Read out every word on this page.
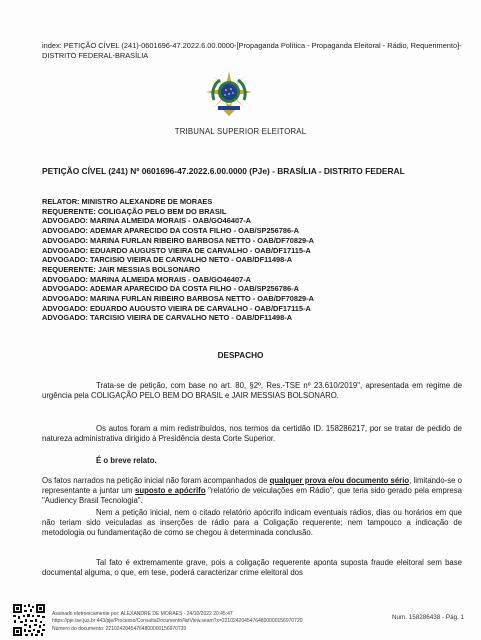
index: PETIÇÃO CÍVEL (241)-0601696-47.2022.6.00.0000-[Propaganda Política - Propaganda Eleitoral - Rádio, Requerimento]-DISTRITO FEDERAL-BRASÍLIA
TRIBUNAL SUPERIOR ELEITORAL
PETIÇÃO CÍVEL (241) Nº 0601696-47.2022.6.00.0000 (PJe) - BRASÍLIA - DISTRITO FEDERAL
RELATOR: MINISTRO ALEXANDRE DE MORAES
REQUERENTE: COLIGAÇÃO PELO BEM DO BRASIL
ADVOGADO: MARINA ALMEIDA MORAIS - OAB/GO46407-A
ADVOGADO: ADEMAR APARECIDO DA COSTA FILHO - OAB/SP256786-A
ADVOGADO: MARINA FURLAN RIBEIRO BARBOSA NETTO - OAB/DF70829-A
ADVOGADO: EDUARDO AUGUSTO VIEIRA DE CARVALHO - OAB/DF17115-A
ADVOGADO: TARCISIO VIEIRA DE CARVALHO NETO - OAB/DF11498-A
REQUERENTE: JAIR MESSIAS BOLSONARO
ADVOGADO: MARINA ALMEIDA MORAIS - OAB/GO46407-A
ADVOGADO: ADEMAR APARECIDO DA COSTA FILHO - OAB/SP256786-A
ADVOGADO: MARINA FURLAN RIBEIRO BARBOSA NETTO - OAB/DF70829-A
ADVOGADO: EDUARDO AUGUSTO VIEIRA DE CARVALHO - OAB/DF17115-A
ADVOGADO: TARCISIO VIEIRA DE CARVALHO NETO - OAB/DF11498-A
DESPACHO
Trata-se de petição, com base no art. 80, §2º, Res.-TSE nº 23.610/2019", apresentada em regime de urgência pela COLIGAÇÃO PELO BEM DO BRASIL e JAIR MESSIAS BOLSONARO.
Os autos foram a mim redistribuídos, nos termos da certidão ID. 158286217, por se tratar de pedido de natureza administrativa dirigido à Presidência desta Corte Superior.
É o breve relato.
Os fatos narrados na petição inicial não foram acompanhados de qualquer prova e/ou documento sério, limitando-se o representante a juntar um suposto e apócrifo "relatório de veiculações em Rádio", que teria sido gerado pela empresa "Audiency Brasil Tecnologia".
Nem a petição inicial, nem o citado relatório apócrifo indicam eventuais rádios, dias ou horários em que não teriam sido veiculadas as inserções de rádio para a Coligação requerente; nem tampouco a indicação de metodologia ou fundamentação de como se chegou à determinada conclusão.
Tal fato é extremamente grave, pois a coligação requerente aponta suposta fraude eleitoral sem base documental alguma, o que, em tese, poderá caracterizar crime eleitoral dos
Assinado eletronicamente por: ALEXANDRE DE MORAES - 24/10/2022 20:45:47
https://pje.tse.jus.br:443/pje/Processo/ConsultaDocumento/listView.seam?x=22102420454764800000156970720
Número do documento: 22102420454764800000156970720
Num. 158286438 - Pág. 1
